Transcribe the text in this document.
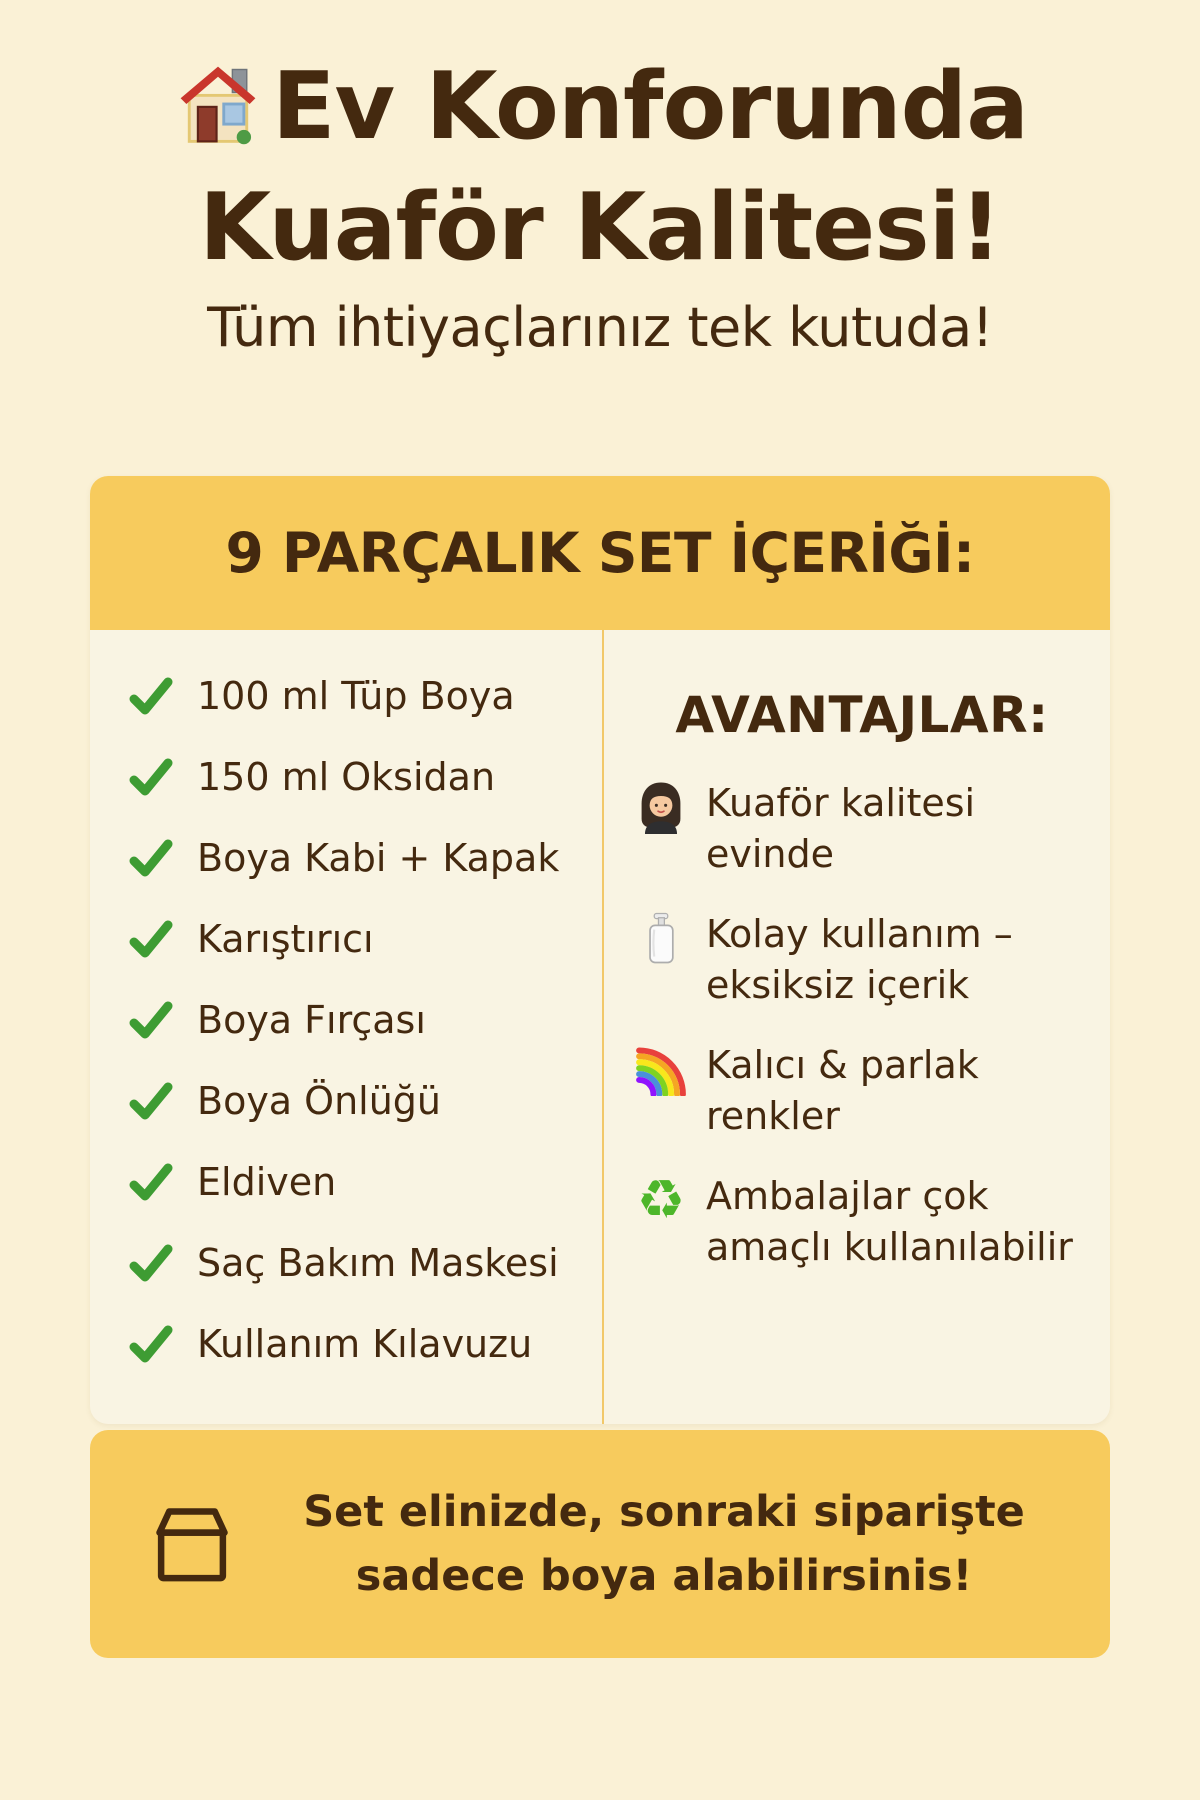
Ev Konforunda
Kuaför Kalitesi!
Tüm ihtiyaçlarınız tek kutuda!
9 PARÇALIK SET İÇERİĞİ:
100 ml Tüp Boya
150 ml Oksidan
Boya Kabi + Kapak
Karıştırıcı
Boya Fırçası
Boya Önlüğü
Eldiven
Saç Bakım Maskesi
Kullanım Kılavuzu
AVANTAJLAR:
Kuaför kalitesi evinde
Kolay kullanım – eksiksiz içerik
Kalıcı & parlak renkler
♻ Ambalajlar çok amaçlı kullanılabilir
Set elinizde, sonraki siparişte
sadece boya alabilirsinis!
